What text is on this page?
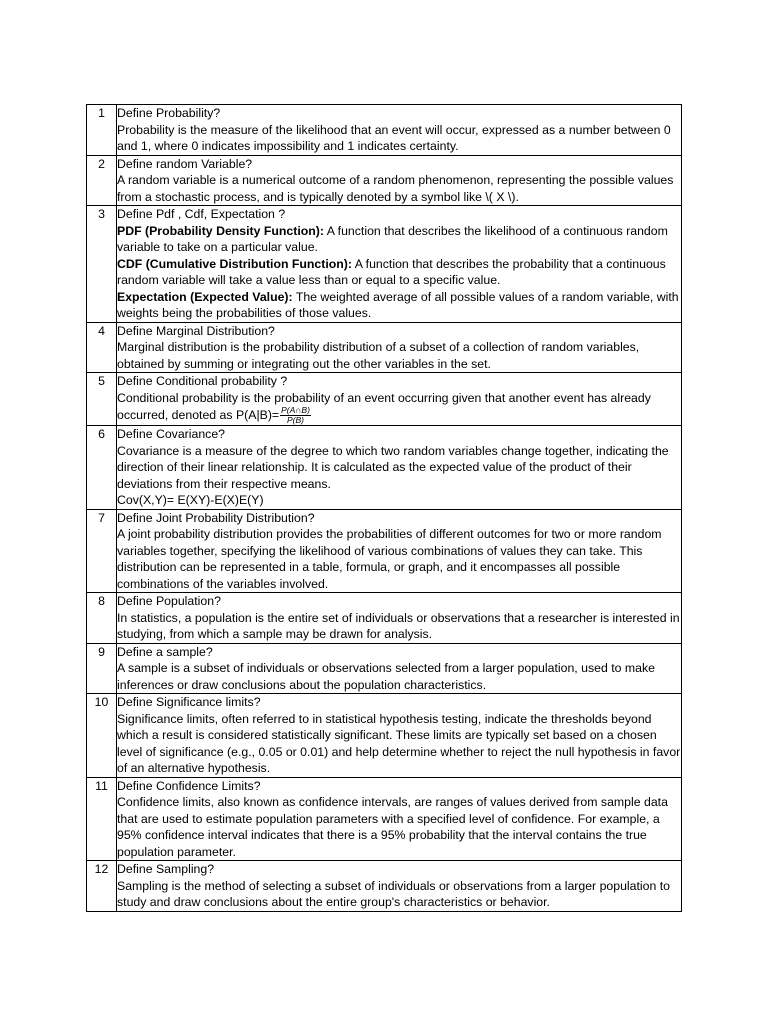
1	Define Probability?
Probability is the measure of the likelihood that an event will occur, expressed as a number between 0 and 1, where 0 indicates impossibility and 1 indicates certainty.

2	Define random Variable?
A random variable is a numerical outcome of a random phenomenon, representing the possible values from a stochastic process, and is typically denoted by a symbol like \( X \).

3	Define Pdf , Cdf, Expectation ?
PDF (Probability Density Function): A function that describes the likelihood of a continuous random variable to take on a particular value.
CDF (Cumulative Distribution Function): A function that describes the probability that a continuous random variable will take a value less than or equal to a specific value.
Expectation (Expected Value): The weighted average of all possible values of a random variable, with weights being the probabilities of those values.

4	Define Marginal Distribution?
Marginal distribution is the probability distribution of a subset of a collection of random variables, obtained by summing or integrating out the other variables in the set.

5	Define Conditional probability ?
Conditional probability is the probability of an event occurring given that another event has already occurred, denoted as $P(A|B)= \frac{P(A\cap B)}{P(B)}$

6	Define Covariance?
Covariance is a measure of the degree to which two random variables change together, indicating the direction of their linear relationship. It is calculated as the expected value of the product of their deviations from their respective means.
Cov(X,Y)= E(XY)-E(X)E(Y)

7	Define Joint Probability Distribution?
A joint probability distribution provides the probabilities of different outcomes for two or more random variables together, specifying the likelihood of various combinations of values they can take. This distribution can be represented in a table, formula, or graph, and it encompasses all possible combinations of the variables involved.

8	Define Population?
In statistics, a population is the entire set of individuals or observations that a researcher is interested in studying, from which a sample may be drawn for analysis.

9	Define a sample?
A sample is a subset of individuals or observations selected from a larger population, used to make inferences or draw conclusions about the population characteristics.

10	Define Significance limits?
Significance limits, often referred to in statistical hypothesis testing, indicate the thresholds beyond which a result is considered statistically significant. These limits are typically set based on a chosen level of significance (e.g., 0.05 or 0.01) and help determine whether to reject the null hypothesis in favor of an alternative hypothesis.

11	Define Confidence Limits?
Confidence limits, also known as confidence intervals, are ranges of values derived from sample data that are used to estimate population parameters with a specified level of confidence. For example, a 95% confidence interval indicates that there is a 95% probability that the interval contains the true population parameter.

12	Define Sampling?
Sampling is the method of selecting a subset of individuals or observations from a larger population to study and draw conclusions about the entire group's characteristics or behavior.
